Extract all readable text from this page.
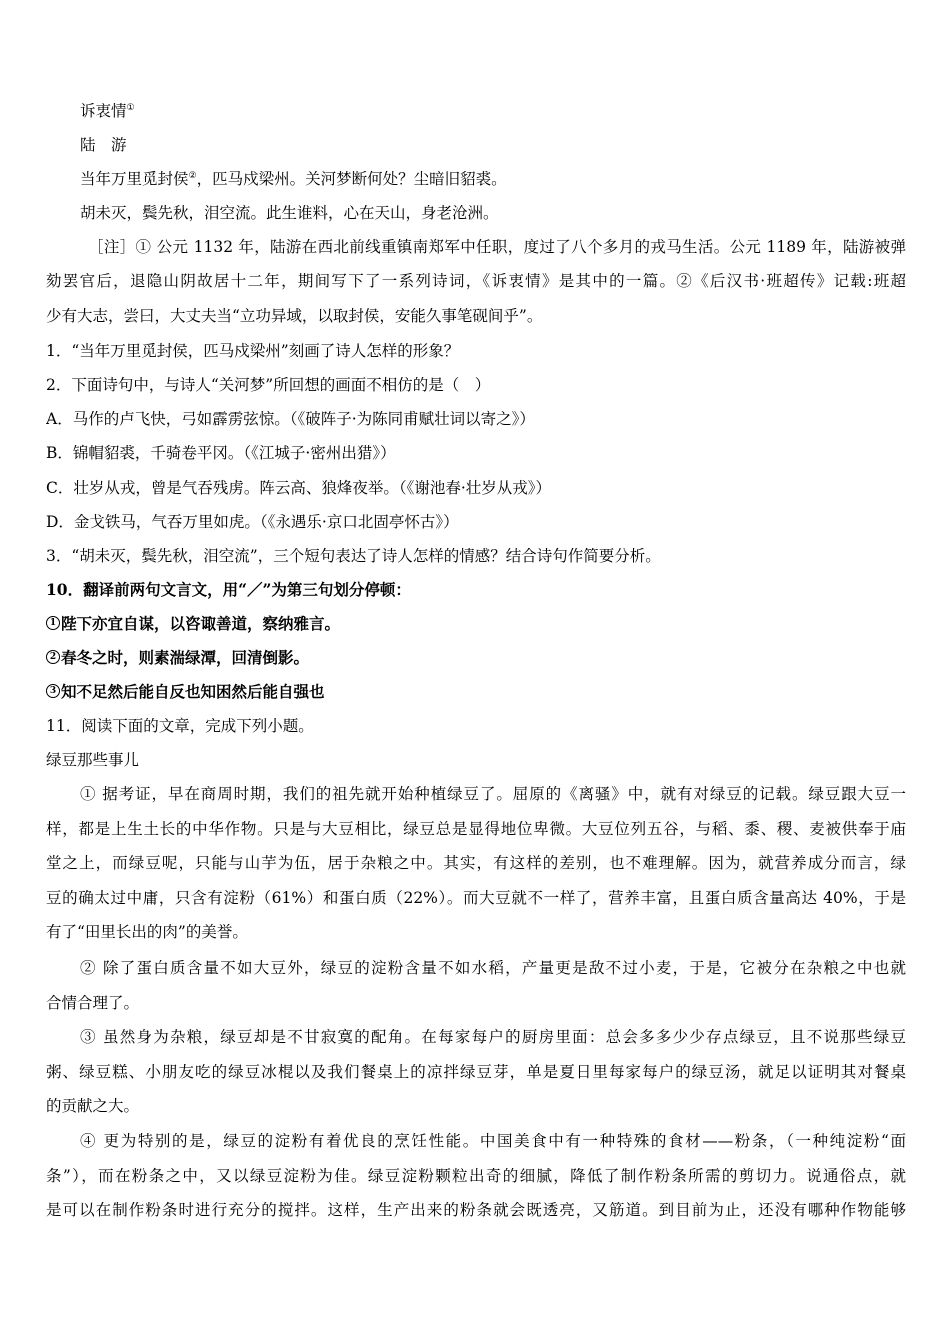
诉衷情①
陆　游
当年万里觅封侯②，匹马戍梁州。关河梦断何处？尘暗旧貂裘。
胡未灭，鬓先秋，泪空流。此生谁料，心在天山，身老沧洲。
［注］① 公元 1132 年，陆游在西北前线重镇南郑军中任职，度过了八个多月的戎马生活。公元 1189 年，陆游被弹
劾罢官后，退隐山阴故居十二年，期间写下了一系列诗词，《诉衷情》是其中的一篇。②《后汉书·班超传》记载:班超
少有大志，尝曰，大丈夫当“立功异域，以取封侯，安能久事笔砚间乎”。
1．“当年万里觅封侯，匹马戍梁州”刻画了诗人怎样的形象？
2．下面诗句中，与诗人“关河梦”所回想的画面不相仿的是（　）
A．马作的卢飞快，弓如霹雳弦惊。（《破阵子·为陈同甫赋壮词以寄之》）
B．锦帽貂裘，千骑卷平冈。（《江城子·密州出猎》）
C．壮岁从戎，曾是气吞残虏。阵云高、狼烽夜举。（《谢池春·壮岁从戎》）
D．金戈铁马，气吞万里如虎。（《永遇乐·京口北固亭怀古》）
3．“胡未灭，鬓先秋，泪空流”，三个短句表达了诗人怎样的情感？结合诗句作简要分析。
10．翻译前两句文言文，用“／”为第三句划分停顿：
1 陛下亦宜自谋，以咨诹善道，察纳雅言。
2 春冬之时，则素湍绿潭，回清倒影。
3 知不足然后能自反也知困然后能自强也
11．阅读下面的文章，完成下列小题。
绿豆那些事儿
① 据考证，早在商周时期，我们的祖先就开始种植绿豆了。屈原的《离骚》中，就有对绿豆的记载。绿豆跟大豆一
样，都是上生土长的中华作物。只是与大豆相比，绿豆总是显得地位卑微。大豆位列五谷，与稻、黍、稷、麦被供奉于庙
堂之上，而绿豆呢，只能与山芋为伍，居于杂粮之中。其实，有这样的差别，也不难理解。因为，就营养成分而言，绿
豆的确太过中庸，只含有淀粉（61%）和蛋白质（22%）。而大豆就不一样了，营养丰富，且蛋白质含量高达 40%，于是
有了“田里长出的肉”的美誉。
② 除了蛋白质含量不如大豆外，绿豆的淀粉含量不如水稻，产量更是敌不过小麦，于是，它被分在杂粮之中也就
合情合理了。
③ 虽然身为杂粮，绿豆却是不甘寂寞的配角。在每家每户的厨房里面：总会多多少少存点绿豆，且不说那些绿豆
粥、绿豆糕、小朋友吃的绿豆冰棍以及我们餐桌上的凉拌绿豆芽，单是夏日里每家每户的绿豆汤，就足以证明其对餐桌
的贡献之大。
④ 更为特别的是，绿豆的淀粉有着优良的烹饪性能。中国美食中有一种特殊的食材——粉条，（一种纯淀粉“面
条”），而在粉条之中，又以绿豆淀粉为佳。绿豆淀粉颗粒出奇的细腻，降低了制作粉条所需的剪切力。说通俗点，就
是可以在制作粉条时进行充分的搅拌。这样，生产出来的粉条就会既透亮，又筋道。到目前为止，还没有哪种作物能够
